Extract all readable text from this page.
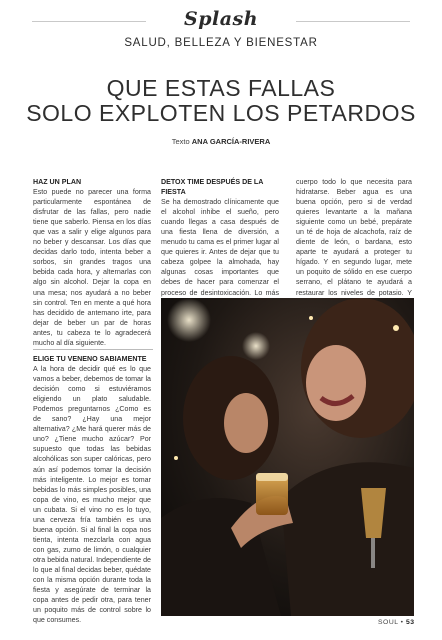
Splash
SALUD, BELLEZA Y BIENESTAR
QUE ESTAS FALLAS
SOLO EXPLOTEN LOS PETARDOS
Texto ANA GARCÍA-RIVERA
HAZ UN PLAN

Esto puede no parecer una forma particularmente espontánea de disfrutar de las fallas, pero nadie tiene que saberlo. Piensa en los días que vas a salir y elige algunos para no beber y descansar. Los días que decidas darlo todo, intenta beber a sorbos, sin grandes tragos una bebida cada hora, y alternarlas con algo sin alcohol. Dejar la copa en una mesa; nos ayudará a no beber sin control. Ten en mente a qué hora has decidido de antemano irte, para dejar de beber un par de horas antes, tu cabeza te lo agradecerá mucho al día siguiente.

ELIGE TU VENENO SABIAMENTE

A la hora de decidir qué es lo que vamos a beber, debemos de tomar la decisión como si estuviéramos eligiendo un plato saludable. Podemos preguntarnos ¿Como es de sano? ¿Hay una mejor alternativa? ¿Me hará querer más de uno? ¿Tiene mucho azúcar? Por supuesto que todas las bebidas alcohólicas son super calóricas, pero aún así podemos tomar la decisión más inteligente. Lo mejor es tomar bebidas lo más simples posibles, una copa de vino, es mucho mejor que un cubata. Si el vino no es lo tuyo, una cerveza fría también es una buena opción. Si al final la copa nos tienta, intenta mezclarla con agua con gas, zumo de limón, o cualquier otra bebida natural. Independiente de lo que al final decidas beber, quédate con la misma opción durante toda la fiesta y asegúrate de terminar la copa antes de pedir otra, para tener un poquito más de control sobre lo que consumes.

DETOX TIME DESPUÉS DE LA FIESTA

Se ha demostrado clínicamente que el alcohol inhibe el sueño, pero cuando llegas a casa después de una fiesta llena de diversión, a menudo tu cama es el primer lugar al que quieres ir. Antes de dejar que tu cabeza golpee la almohada, hay algunas cosas importantes que debes de hacer para comenzar el proceso de desintoxicación. Lo más

cuerpo todo lo que necesita para hidratarse. Beber agua es una buena opción, pero si de verdad quieres levantarte a la mañana siguiente como un bebé, prepárate un té de hoja de alcachofa, raíz de diente de león, o bardana, esto aparte te ayudará a proteger tu hígado. Y en segundo lugar, mete un poquito de sólido en ese cuerpo serrano, el plátano te ayudará a restaurar los niveles de potasio. Y

SOUL • 53
